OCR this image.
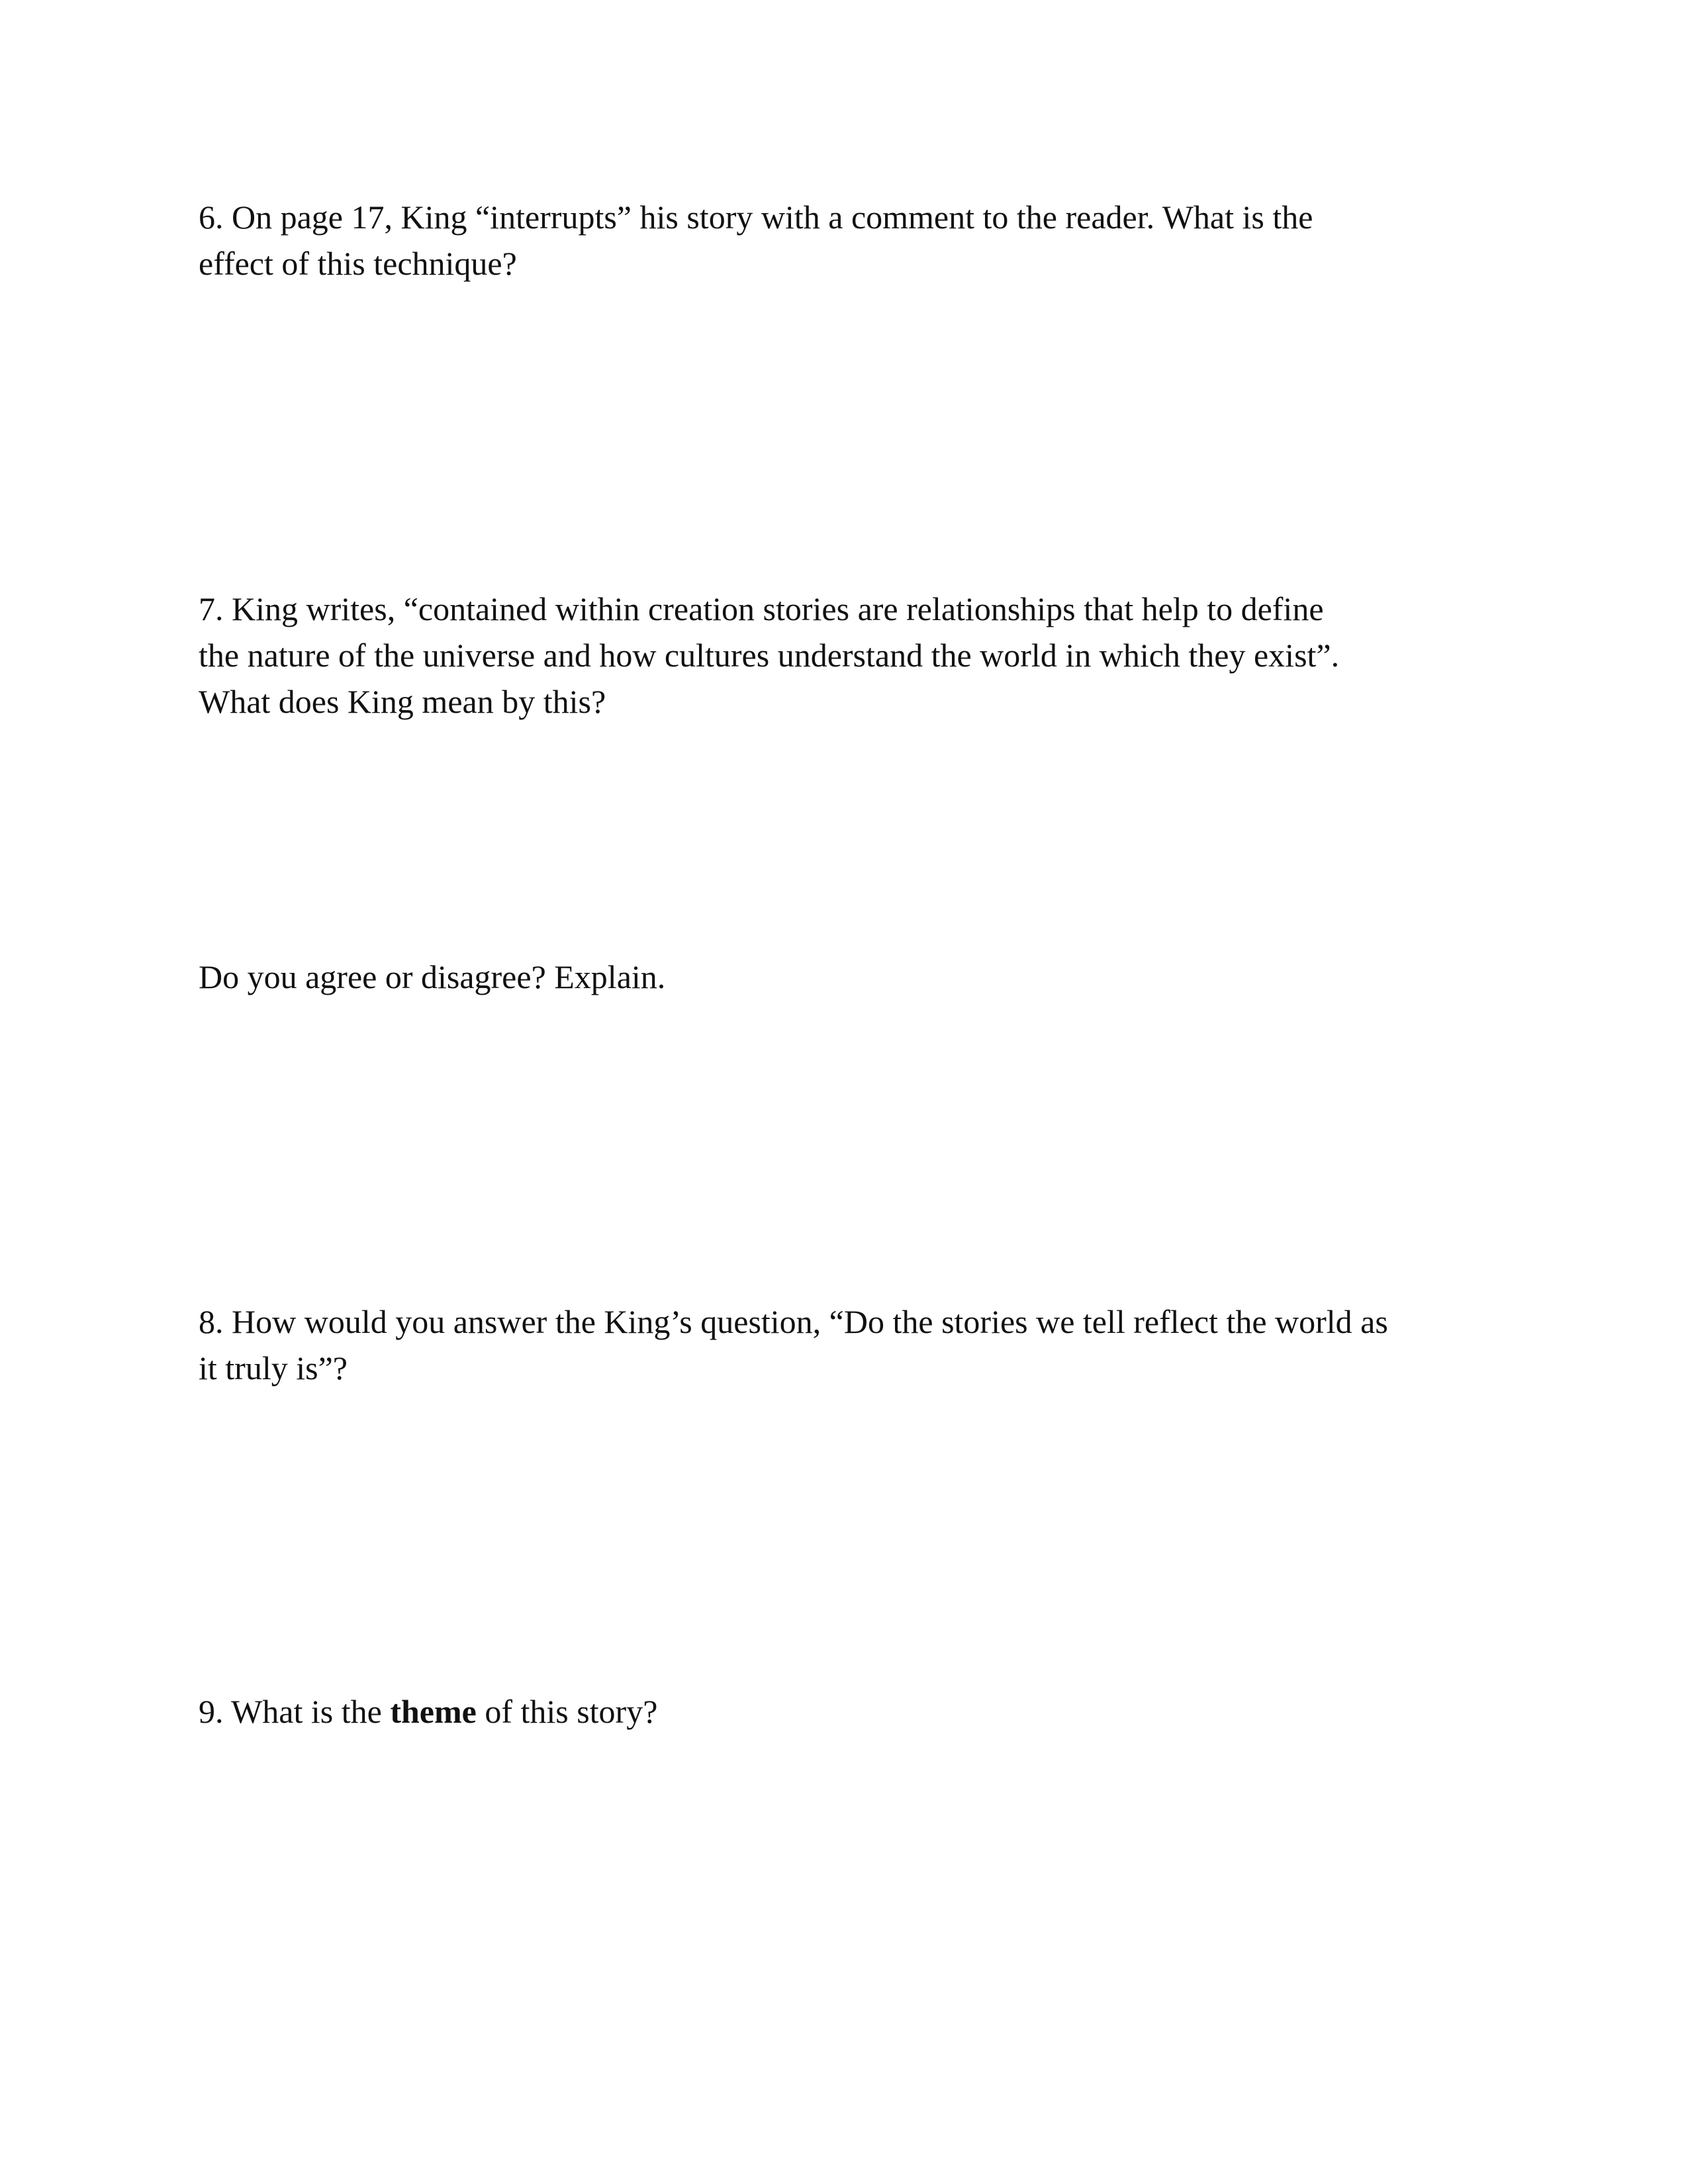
6. On page 17, King “interrupts” his story with a comment to the reader. What is the
effect of this technique?

7. King writes, “contained within creation stories are relationships that help to define
the nature of the universe and how cultures understand the world in which they exist”.
What does King mean by this?

Do you agree or disagree? Explain.

8. How would you answer the King’s question, “Do the stories we tell reflect the world as
it truly is”?

9. What is the theme of this story?
